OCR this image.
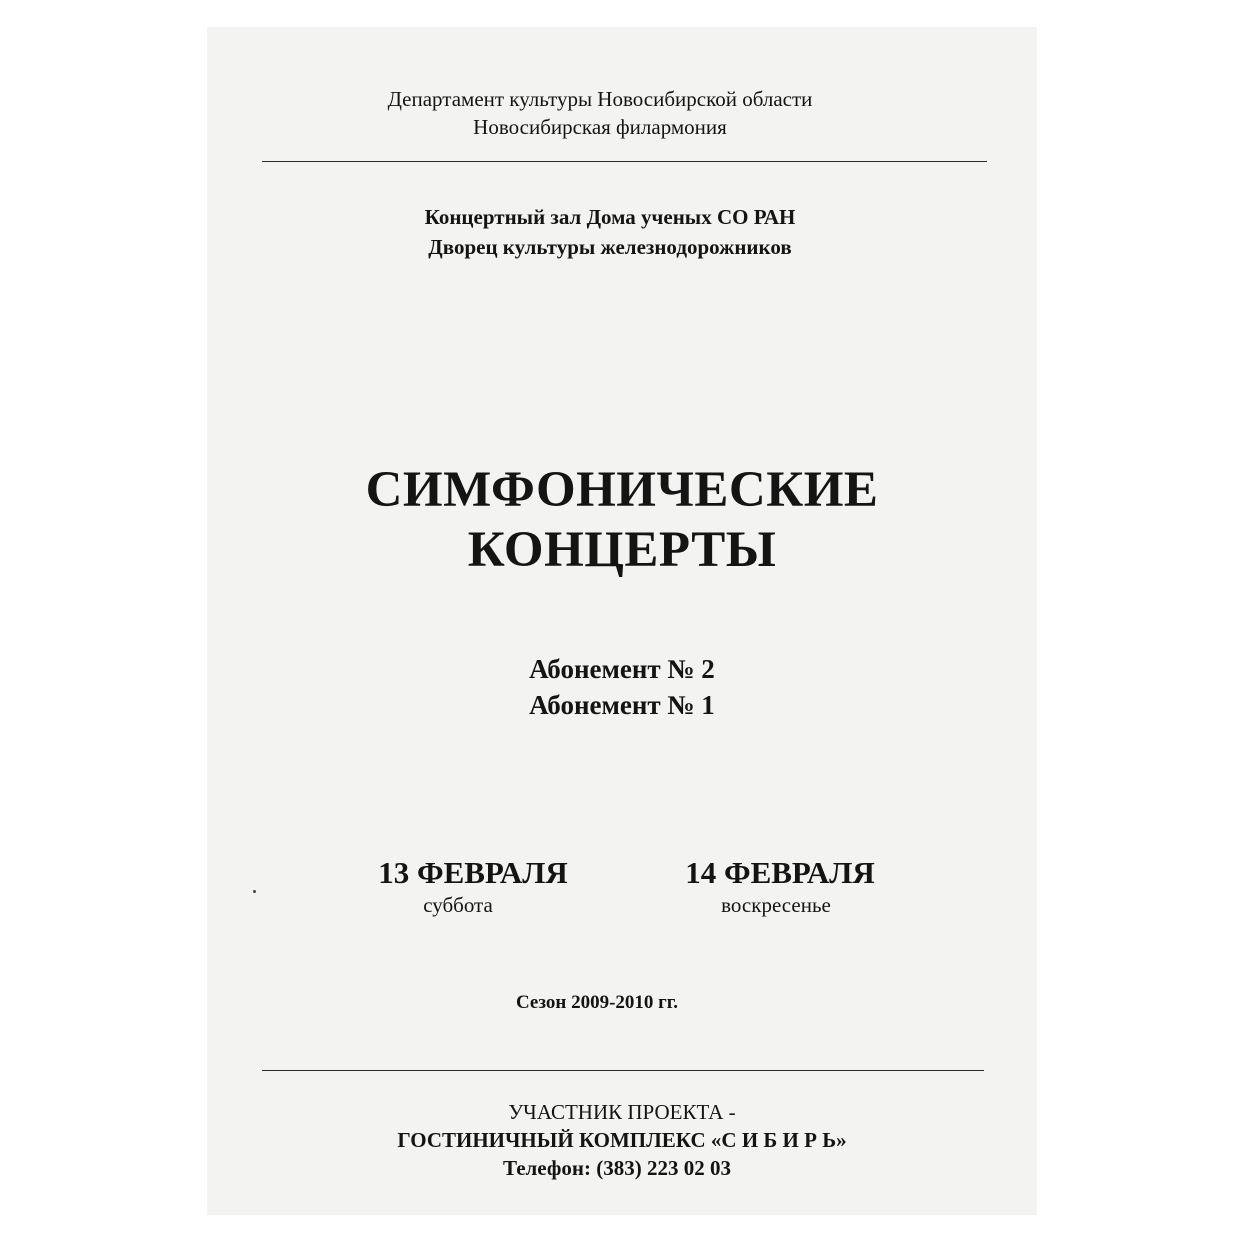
Департамент культуры Новосибирской области
Новосибирская филармония
Концертный зал Дома ученых СО РАН
Дворец культуры железнодорожников
СИМФОНИЧЕСКИЕ
КОНЦЕРТЫ
Абонемент № 2
Абонемент № 1
13 ФЕВРАЛЯ
суббота
14 ФЕВРАЛЯ
воскресенье
Сезон 2009-2010 гг.
УЧАСТНИК ПРОЕКТА -
ГОСТИНИЧНЫЙ КОМПЛЕКС «С И Б И Р Ь»
Телефон: (383) 223 02 03
